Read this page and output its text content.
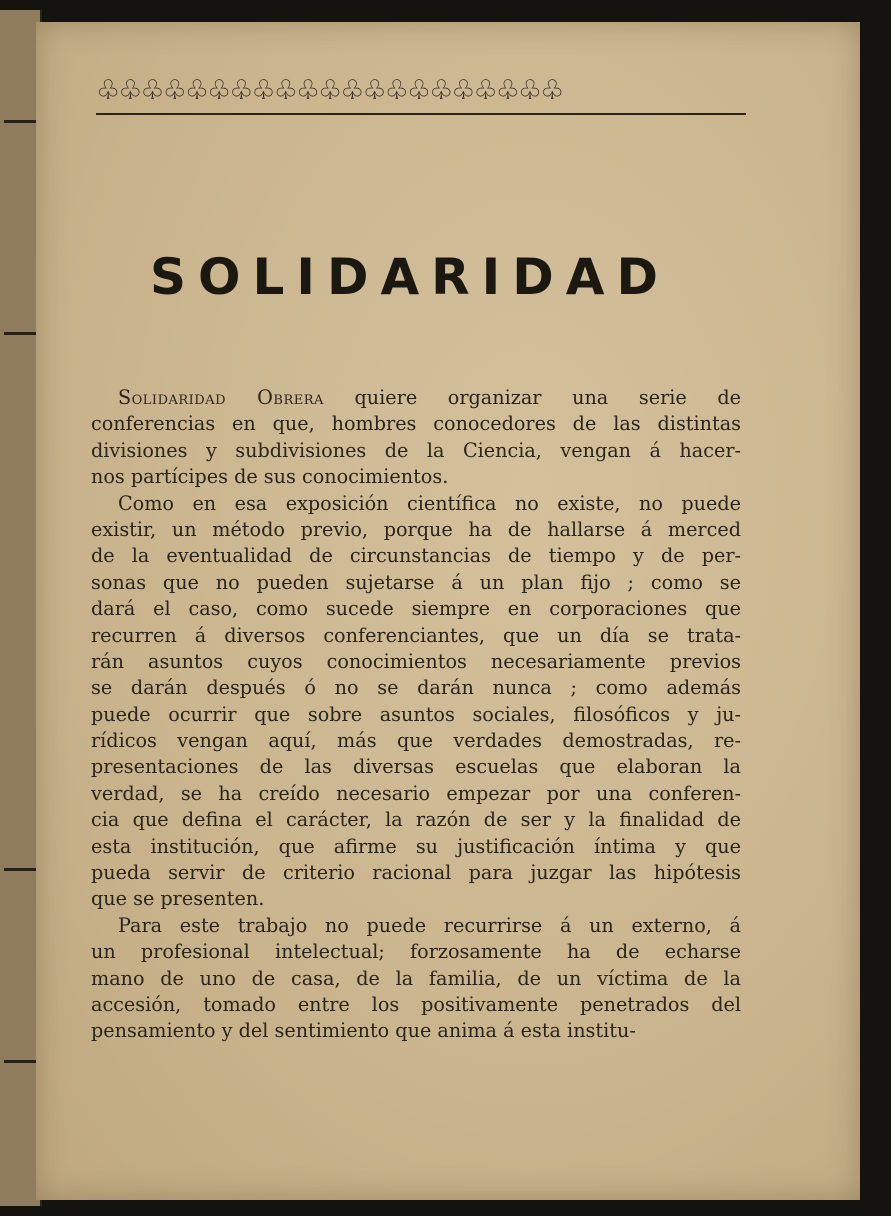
♧♧♧♧♧♧♧♧♧♧♧♧♧♧♧♧♧♧♧♧♧
SOLIDARIDAD
Solidaridad Obrera quiere organizar una serie de
conferencias en que, hombres conocedores de las distintas
divisiones y subdivisiones de la Ciencia, vengan á hacer-
nos partícipes de sus conocimientos.
Como en esa exposición científica no existe, no puede
existir, un método previo, porque ha de hallarse á merced
de la eventualidad de circunstancias de tiempo y de per-
sonas que no pueden sujetarse á un plan fijo ; como se
dará el caso, como sucede siempre en corporaciones que
recurren á diversos conferenciantes, que un día se trata-
rán asuntos cuyos conocimientos necesariamente previos
se darán después ó no se darán nunca ; como además
puede ocurrir que sobre asuntos sociales, filosóficos y ju-
rídicos vengan aquí, más que verdades demostradas, re-
presentaciones de las diversas escuelas que elaboran la
verdad, se ha creído necesario empezar por una conferen-
cia que defina el carácter, la razón de ser y la finalidad de
esta institución, que afirme su justificación íntima y que
pueda servir de criterio racional para juzgar las hipótesis
que se presenten.
Para este trabajo no puede recurrirse á un externo, á
un profesional intelectual; forzosamente ha de echarse
mano de uno de casa, de la familia, de un víctima de la
accesión, tomado entre los positivamente penetrados del
pensamiento y del sentimiento que anima á esta institu-
